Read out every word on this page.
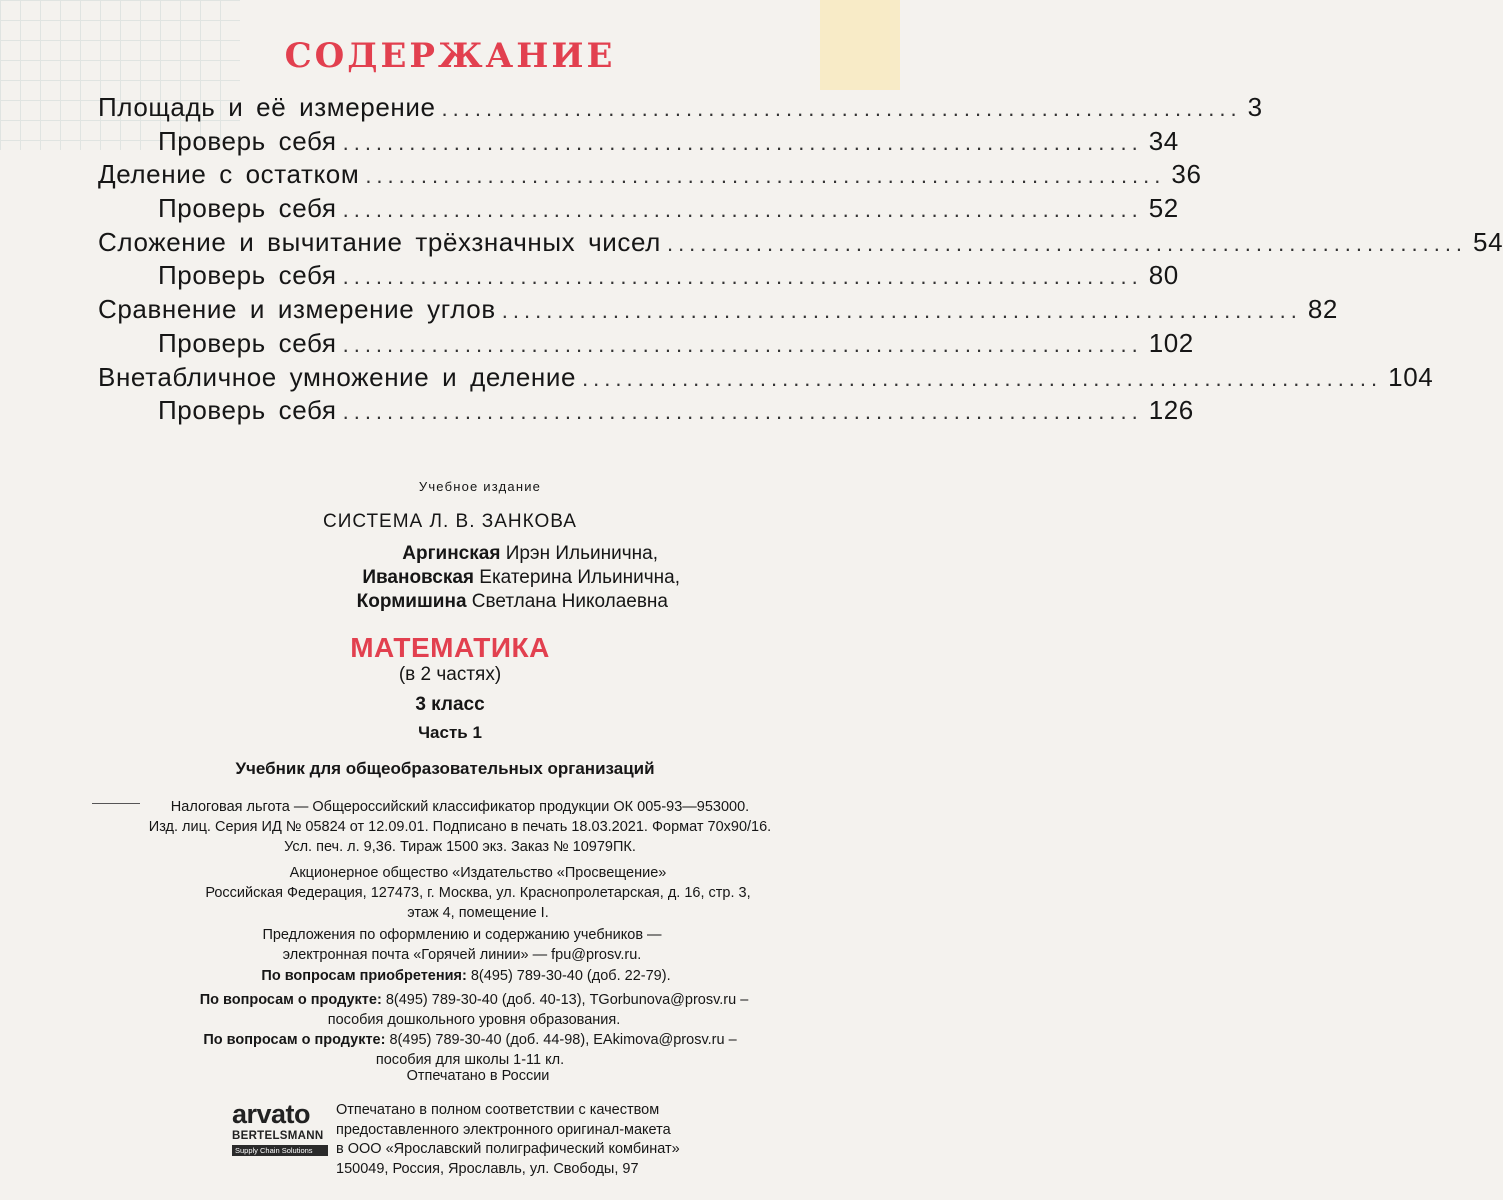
СОДЕРЖАНИЕ
Площадь и её измерение ........................................................................ 3
Проверь себя ........................................................................ 34
Деление с остатком ........................................................................ 36
Проверь себя ........................................................................ 52
Сложение и вычитание трёхзначных чисел ........................................................................ 54
Проверь себя ........................................................................ 80
Сравнение и измерение углов ........................................................................ 82
Проверь себя ........................................................................ 102
Внетабличное умножение и деление ........................................................................ 104
Проверь себя ........................................................................ 126
Учебное издание
СИСТЕМА Л. В. ЗАНКОВА
Аргинская Ирэн Ильинична,
Ивановская Екатерина Ильинична,
Кормишина Светлана Николаевна
МАТЕМАТИКА
(в 2 частях)
3 класс
Часть 1
Учебник для общеобразовательных организаций
Налоговая льгота — Общероссийский классификатор продукции ОК 005-93—953000.
Изд. лиц. Серия ИД № 05824 от 12.09.01. Подписано в печать 18.03.2021. Формат 70x90/16.
Усл. печ. л. 9,36. Тираж 1500 экз. Заказ № 10979ПК.
Акционерное общество «Издательство «Просвещение»
Российская Федерация, 127473, г. Москва, ул. Краснопролетарская, д. 16, стр. 3,
этаж 4, помещение I.
Предложения по оформлению и содержанию учебников —
электронная почта «Горячей линии» — fpu@prosv.ru.
По вопросам приобретения: 8(495) 789-30-40 (доб. 22-79).
По вопросам о продукте: 8(495) 789-30-40 (доб. 40-13), TGorbunova@prosv.ru –
пособия дошкольного уровня образования.
По вопросам о продукте: 8(495) 789-30-40 (доб. 44-98), EAkimova@prosv.ru –
пособия для школы 1-11 кл.
Отпечатано в России
arvato
BERTELSMANN
Supply Chain Solutions
Отпечатано в полном соответствии с качеством
предоставленного электронного оригинал-макета
в ООО «Ярославский полиграфический комбинат»
150049, Россия, Ярославль, ул. Свободы, 97
